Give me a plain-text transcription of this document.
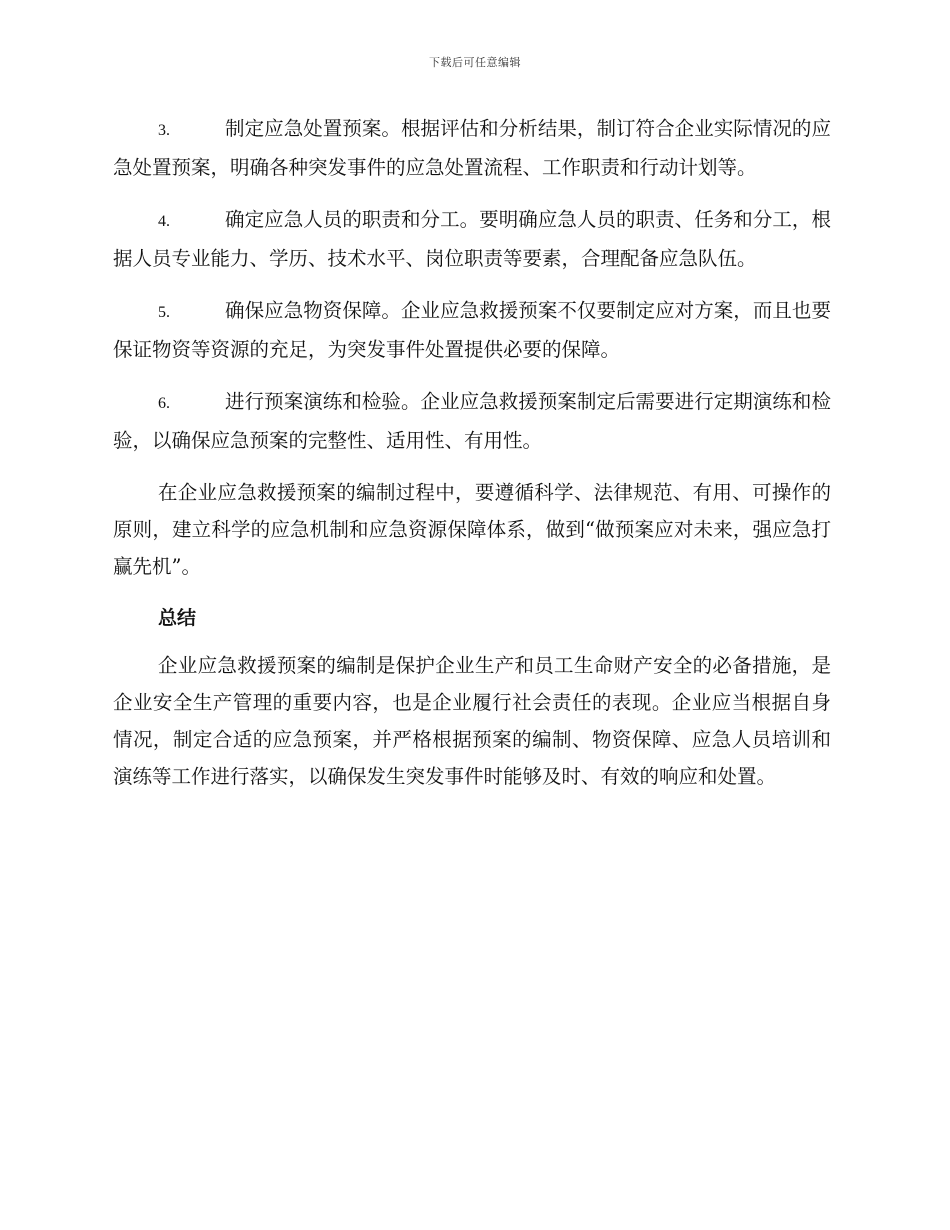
下载后可任意编辑

3.	制定应急处置预案。根据评估和分析结果，制订符合企业实际情况的应急处置预案，明确各种突发事件的应急处置流程、工作职责和行动计划等。

4.	确定应急人员的职责和分工。要明确应急人员的职责、任务和分工，根据人员专业能力、学历、技术水平、岗位职责等要素，合理配备应急队伍。

5.	确保应急物资保障。企业应急救援预案不仅要制定应对方案，而且也要保证物资等资源的充足，为突发事件处置提供必要的保障。

6.	进行预案演练和检验。企业应急救援预案制定后需要进行定期演练和检验，以确保应急预案的完整性、适用性、有用性。

在企业应急救援预案的编制过程中，要遵循科学、法律规范、有用、可操作的原则，建立科学的应急机制和应急资源保障体系，做到“做预案应对未来，强应急打赢先机”。

总结

企业应急救援预案的编制是保护企业生产和员工生命财产安全的必备措施，是企业安全生产管理的重要内容，也是企业履行社会责任的表现。企业应当根据自身情况，制定合适的应急预案，并严格根据预案的编制、物资保障、应急人员培训和演练等工作进行落实，以确保发生突发事件时能够及时、有效的响应和处置。
